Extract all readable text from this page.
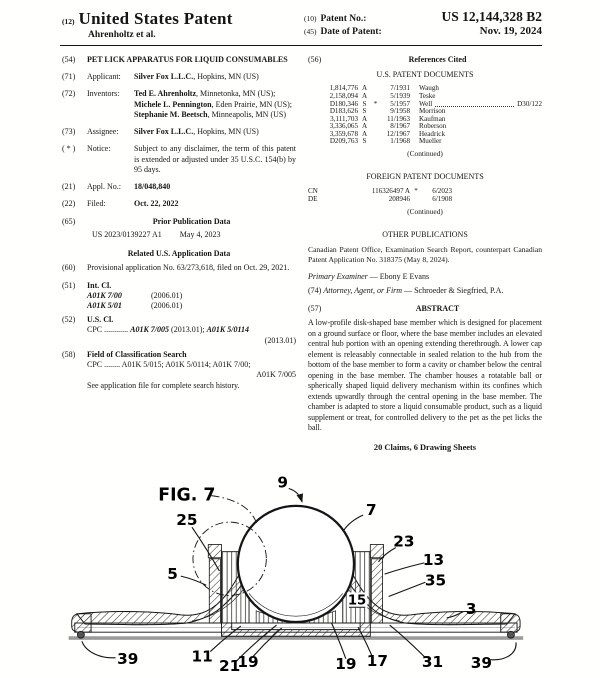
(12) United States Patent
Ahrenholtz et al.
(10) Patent No.:	US 12,144,328 B2
(45) Date of Patent:	Nov. 19, 2024
(54)	PET LICK APPARATUS FOR LIQUID CONSUMABLES
(71)	Applicant:	Silver Fox L.L.C., Hopkins, MN (US)
(72)	Inventors:	Ted E. Ahrenholtz, Minnetonka, MN (US); Michele L. Pennington, Eden Prairie, MN (US); Stephanie M. Beetsch, Minneapolis, MN (US)
(73)	Assignee:	Silver Fox L.L.C., Hopkins, MN (US)
( * )	Notice:	Subject to any disclaimer, the term of this patent is extended or adjusted under 35 U.S.C. 154(b) by 95 days.
(21)	Appl. No.:	18/048,840
(22)	Filed:	Oct. 22, 2022
(65)	Prior Publication Data
US 2023/0139227 A1 May 4, 2023
Related U.S. Application Data
(60)	Provisional application No. 63/273,618, filed on Oct. 29, 2021.
(51)	Int. Cl.
A01K 7/00	(2006.01)
A01K 5/01	(2006.01)
(52)	U.S. Cl.
CPC ............ A01K 7/005 (2013.01); A01K 5/0114
(2013.01)
(58)	Field of Classification Search
CPC ........ A01K 5/015; A01K 5/0114; A01K 7/00;
A01K 7/005
See application file for complete search history.
(56)	References Cited
U.S. PATENT DOCUMENTS
1,814,776 A	7/1931 Waugh
2,158,094 A	5/1939 Teske
D180,346 S	*	5/1957 Well	D30/122
D183,626 S	9/1958 Morrison
3,111,703 A	11/1963 Kaufman
3,336,065 A	8/1967 Roberson
3,359,678 A	12/1967 Headrick
D209,763 S	1/1968 Mueller
(Continued)
FOREIGN PATENT DOCUMENTS
CN	116326497 A *	6/2023
DE	208946	6/1908
(Continued)
OTHER PUBLICATIONS
Canadian Patent Office, Examination Search Report, counterpart Canadian Patent Application No. 318375 (May 8, 2024).
Primary Examiner — Ebony E Evans
(74) Attorney, Agent, or Firm — Schroeder & Siegfried, P.A.
(57)	ABSTRACT
A low-profile disk-shaped base member which is designed for placement on a ground surface or floor, where the base member includes an elevated central hub portion with an opening extending therethrough. A lower cap element is releasably connectable in sealed relation to the hub from the bottom of the base member to form a cavity or chamber below the central opening in the base member. The chamber houses a rotatable ball or spherically shaped liquid delivery mechanism within its confines which extends upwardly through the central opening in the base member. The chamber is adapted to store a liquid consumable product, such as a liquid supplement or treat, for controlled delivery to the pet as the pet licks the ball.
20 Claims, 6 Drawing Sheets
FIG. 7
9
7
25
5
23
13
35
3
15
11
21
19	19 17 31
39	39
